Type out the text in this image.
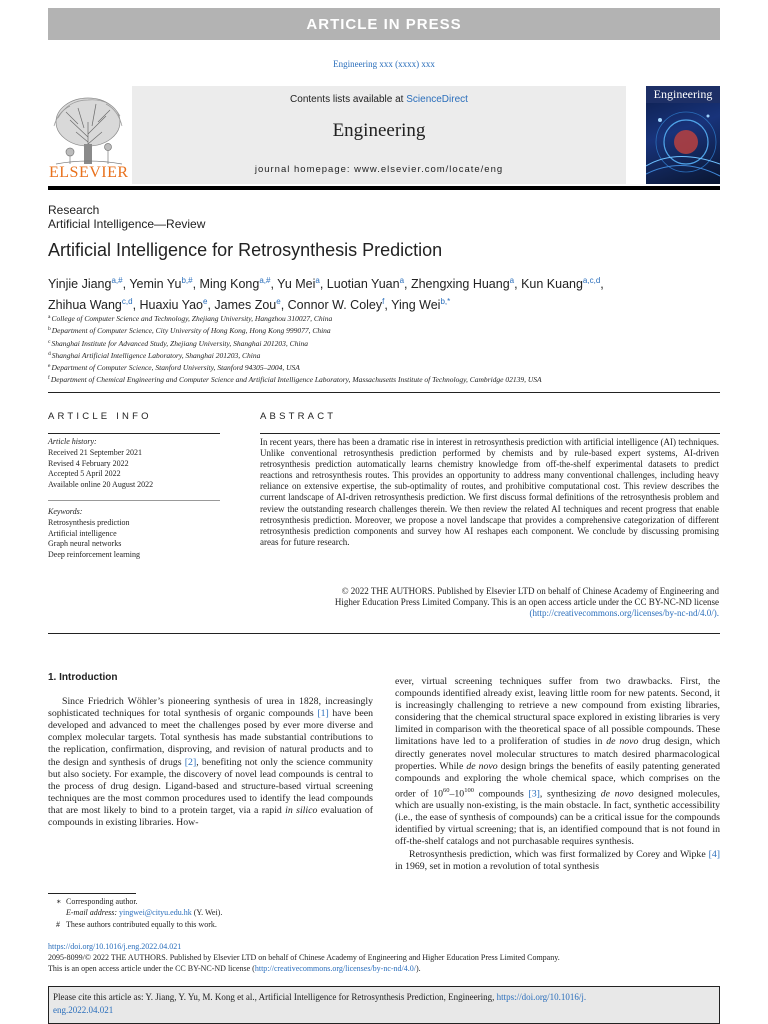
ARTICLE IN PRESS
Engineering xxx (xxxx) xxx
ELSEVIER
Contents lists available at ScienceDirect
Engineering
journal homepage: www.elsevier.com/locate/eng
Engineering
Research
Artificial Intelligence—Review
Artificial Intelligence for Retrosynthesis Prediction
Yinjie Jiang$^{a,\#}$, Yemin $Yu^{b,\#}$, Ming Kong$^{a,\#}$, Yu Mei$^a$, Luotian Yuan$^a$, Zhengxing Huang$^a$, Kun Kuang$^{a,c,d}$,
Zhihua Wang$^{c,d}$, Huaxiu Yao$^e$, James Zou$^e$, Connor W. Coley$^f$, Ying Wei$^{b,*}$
$^a$College of Computer Science and Technology, Zhejiang University, Hangzhou 310027, China
$^b$Department of Computer Science, City University of Hong Kong, Hong Kong 999077, China
$^c$Shanghai Institute for Advanced Study, Zhejiang University, Shanghai 201203, China
$^d$Shanghai Artificial Intelligence Laboratory, Shanghai 201203, China
$^e$Department of Computer Science, Stanford University, Stanford 94305–2004, USA
$^f$Department of Chemical Engineering and Computer Science and Artificial Intelligence Laboratory, Massachusetts Institute of Technology, Cambridge 02139, USA
ARTICLE INFO	ABSTRACT
Article history:
Received 21 September 2021
Revised 4 February 2022
Accepted 5 April 2022
Available online 20 August 2022
Keywords:
Retrosynthesis prediction
Artificial intelligence
Graph neural networks
Deep reinforcement learning
In recent years, there has been a dramatic rise in interest in retrosynthesis prediction with artificial intelligence (AI) techniques. Unlike conventional retrosynthesis prediction performed by chemists and by rule-based expert systems, AI-driven retrosynthesis prediction automatically learns chemistry knowledge from off-the-shelf experimental datasets to predict reactions and retrosynthesis routes. This provides an opportunity to address many conventional challenges, including heavy reliance on extensive expertise, the sub-optimality of routes, and prohibitive computational cost. This review describes the current landscape of AI-driven retrosynthesis prediction. We first discuss formal definitions of the retrosynthesis problem and review the outstanding research challenges therein. We then review the related AI techniques and recent progress that enable retrosynthesis prediction. Moreover, we propose a novel landscape that provides a comprehensive categorization of different retrosynthesis prediction components and survey how AI reshapes each component. We conclude by discussing promising areas for future research.
© 2022 THE AUTHORS. Published by Elsevier LTD on behalf of Chinese Academy of Engineering and
Higher Education Press Limited Company. This is an open access article under the CC BY-NC-ND license
(http://creativecommons.org/licenses/by-nc-nd/4.0/).
1. Introduction

Since Friedrich Wöhler’s pioneering synthesis of urea in 1828, increasingly sophisticated techniques for total synthesis of organic compounds [1] have been developed and advanced to meet the challenges posed by ever more diverse and complex molecular targets. Total synthesis has made substantial contributions to the replication, confirmation, disproving, and revision of natural products and to the design and synthesis of drugs [2], benefiting not only the science community but also society. For example, the discovery of novel lead compounds is central to the process of drug design. Ligand-based and structure-based virtual screening techniques are the most common procedures used to identify the lead compounds that are most likely to bind to a protein target, via a rapid in silico evaluation of compounds in existing libraries. How-

ever, virtual screening techniques suffer from two drawbacks. First, the compounds identified already exist, leaving little room for new patents. Second, it is increasingly challenging to retrieve a new compound from existing libraries, considering that the chemical structural space explored in existing libraries is very limited in comparison with the theoretical space of all possible compounds. These limitations have led to a proliferation of studies in de novo drug design, which directly generates novel molecular structures to match desired pharmacological properties. While de novo design brings the benefits of easily patenting generated compounds and exploring the whole chemical space, which comprises on the order of $10^{60}-10^{100}$ compounds [3], synthesizing de novo designed molecules, which are usually non-existing, is the main obstacle. In fact, synthetic accessibility (i.e., the ease of synthesis of compounds) can be a critical issue for the compounds identified by virtual screening; that is, an identified compound that is not found in off-the-shelf catalogs and not purchasable requires synthesis.

Retrosynthesis prediction, which was first formalized by Corey and Wipke [4] in 1969, set in motion a revolution of total synthesis

∗ Corresponding author.
E-mail address: yingwei@cityu.edu.hk (Y. Wei).
# These authors contributed equally to this work.
https://doi.org/10.1016/j.eng.2022.04.021
2095-8099/© 2022 THE AUTHORS. Published by Elsevier LTD on behalf of Chinese Academy of Engineering and Higher Education Press Limited Company.
This is an open access article under the CC BY-NC-ND license (http://creativecommons.org/licenses/by-nc-nd/4.0/).
Please cite this article as: Y. Jiang, Y. Yu, M. Kong et al., Artificial Intelligence for Retrosynthesis Prediction, Engineering, https://doi.org/10.1016/j.
eng.2022.04.021
